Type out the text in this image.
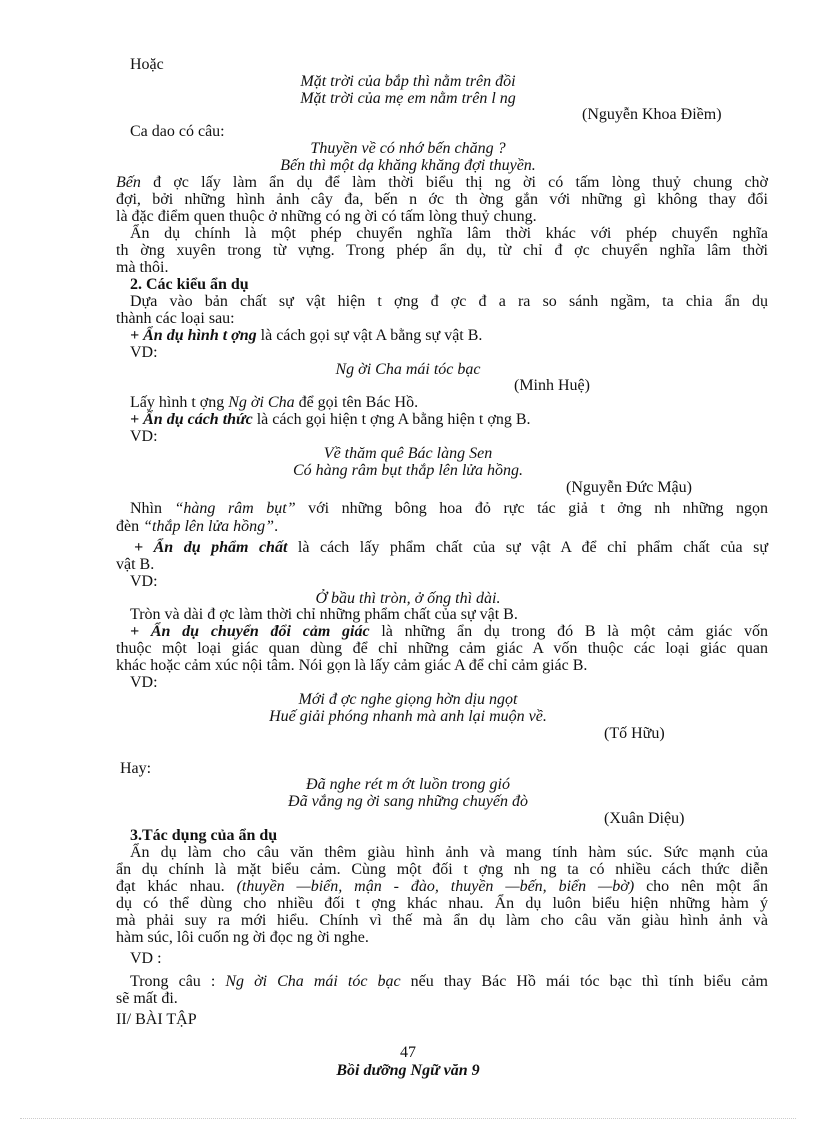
Hoặc
Mặt trời của bắp thì nằm trên đồi
Mặt trời của mẹ em nằm trên l ng
(Nguyễn Khoa Điềm)
Ca dao có câu:
Thuyền về có nhớ bến chăng ?
Bến thì một dạ khăng khăng đợi thuyền.
Bến đ ợc lấy làm ẩn dụ để làm thời biểu thị ng ời có tấm lòng thuỷ chung chờ
đợi, bởi những hình ảnh cây đa, bến n ớc th ờng gắn với những gì không thay đổi
là đặc điểm quen thuộc ở những có ng ời có tấm lòng thuỷ chung.
Ẩn dụ chính là một phép chuyển nghĩa lâm thời khác với phép chuyển nghĩa
th ờng xuyên trong từ vựng. Trong phép ẩn dụ, từ chỉ đ ợc chuyển nghĩa lâm thời
mà thôi.
2. Các kiểu ẩn dụ
Dựa vào bản chất sự vật hiện t ợng đ ợc đ a ra so sánh ngầm, ta chia ẩn dụ
thành các loại sau:
+ Ẩn dụ hình t ợng là cách gọi sự vật A bằng sự vật B.
VD:
Ng ời Cha mái tóc bạc
(Minh Huệ)
Lấy hình t ợng Ng ời Cha để gọi tên Bác Hồ.
+ Ẩn dụ cách thức là cách gọi hiện t ợng A bằng hiện t ợng B.
VD:
Về thăm quê Bác làng Sen
Có hàng râm bụt thắp lên lửa hồng.
(Nguyễn Đức Mậu)
Nhìn “hàng râm bụt” với những bông hoa đỏ rực tác giả t ởng nh những ngọn
đèn “thắp lên lửa hồng”.
+ Ẩn dụ phẩm chất là cách lấy phẩm chất của sự vật A để chỉ phẩm chất của sự
vật B.
VD:
Ở bầu thì tròn, ở ống thì dài.
Tròn và dài đ ợc làm thời chỉ những phẩm chất của sự vật B.
+ Ẩn dụ chuyển đổi cảm giác là những ẩn dụ trong đó B là một cảm giác vốn
thuộc một loại giác quan dùng để chỉ những cảm giác A vốn thuộc các loại giác quan
khác hoặc cảm xúc nội tâm. Nói gọn là lấy cảm giác A để chỉ cảm giác B.
VD:
Mới đ ợc nghe giọng hờn dịu ngọt
Huế giải phóng nhanh mà anh lại muộn về.
(Tố Hữu)
Hay:
Đã nghe rét m ớt luồn trong gió
Đã vắng ng ời sang những chuyến đò
(Xuân Diệu)
3.Tác dụng của ẩn dụ
Ẩn dụ làm cho câu văn thêm giàu hình ảnh và mang tính hàm súc. Sức mạnh của
ẩn dụ chính là mặt biểu cảm. Cùng một đối t ợng nh ng ta có nhiều cách thức diễn
đạt khác nhau. (thuyền —biển, mận - đào, thuyền —bến, biển —bờ) cho nên một ẩn
dụ có thể dùng cho nhiều đối t ợng khác nhau. Ẩn dụ luôn biểu hiện những hàm ý
mà phải suy ra mới hiểu. Chính vì thế mà ẩn dụ làm cho câu văn giàu hình ảnh và
hàm súc, lôi cuốn ng ời đọc ng ời nghe.
VD :
Trong câu : Ng ời Cha mái tóc bạc nếu thay Bác Hồ mái tóc bạc thì tính biểu cảm
sẽ mất đi.
II/ BÀI TẬP
47
Bồi dưỡng Ngữ văn 9
